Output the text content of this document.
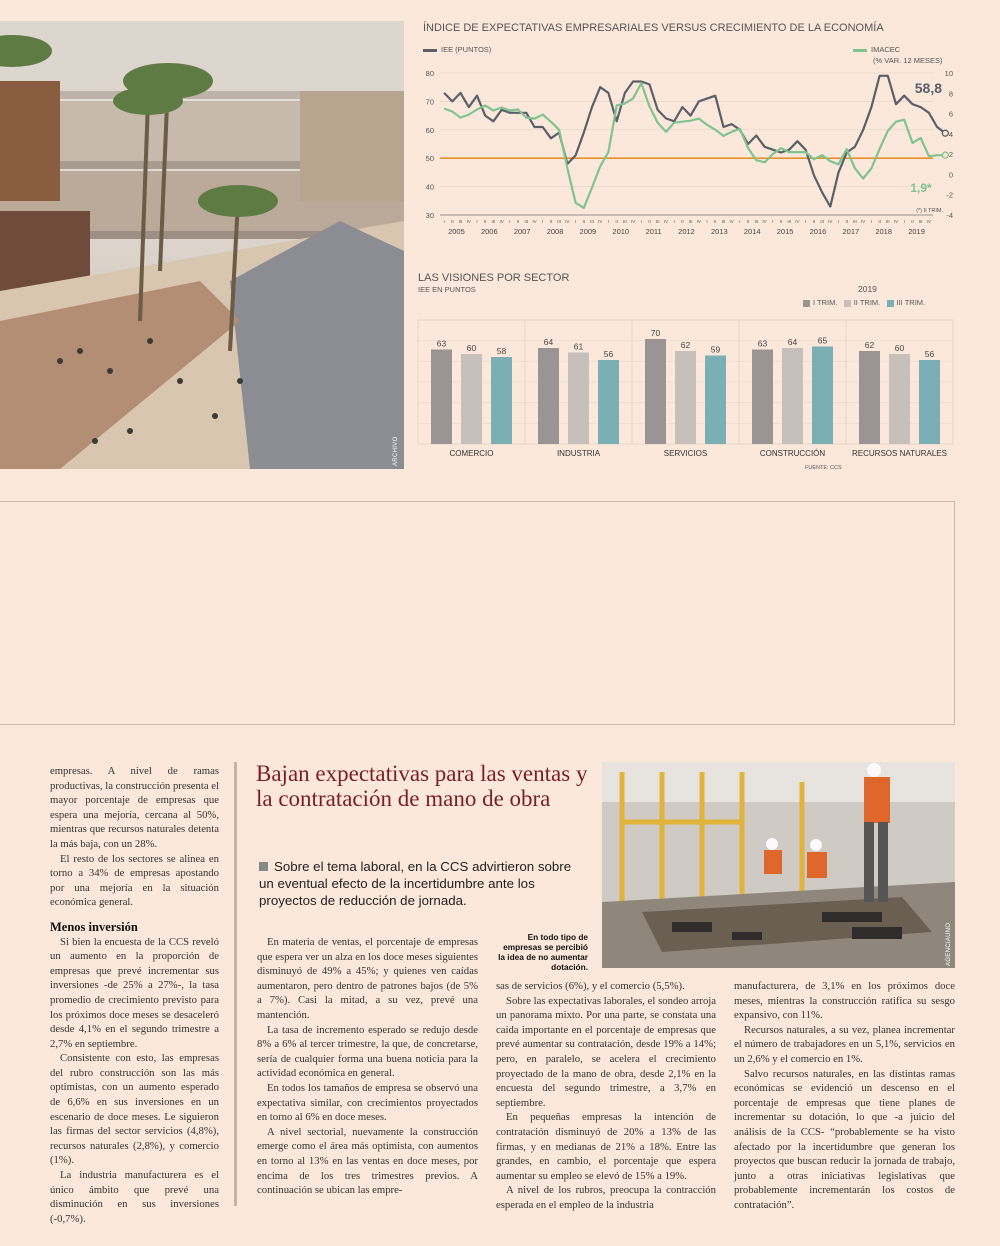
ARCHIVO
ÍNDICE DE EXPECTATIVAS EMPRESARIALES VERSUS CRECIMIENTO DE LA ECONOMÍA
IEE (PUNTOS)	IMACEC
(% VAR. 12 MESES)
30
40
50
60
70
80
-4
-2
0
2
4
6
8
10
I II III IV I II III IV I II III IV I II III IV I II III IV I II III IV I II III IV I II III IV I II III IV I II III IV I II III IV I II III IV I II III IV I II III IV I II III IV
2005 2006 2007 2008 2009 2010 2011 2012 2013 2014 2015 2016 2017 2018 2019
58,8
1,9*
(*) II TRIM.
LAS VISIONES POR SECTOR
IEE EN PUNTOS	2019
I TRIM. II TRIM. III TRIM.
63 60 58
COMERCIO
64 61
56
INDUSTRIA
70
62 59
SERVICIOS
63 64 65
CONSTRUCCIÓN
62 60
56
RECURSOS NATURALES
FUENTE: CCS

empresas. A nivel de ramas productivas, la construcción presenta el mayor porcentaje de empresas que espera una mejoría, cercana al 50%, mientras que recursos naturales detenta la más baja, con un 28%.

El resto de los sectores se alinea en torno a 34% de empresas apostando por una mejoría en la situación económica general.

Menos inversión

Si bien la encuesta de la CCS reveló un aumento en la proporción de empresas que prevé incrementar sus inversiones -de 25% a 27%-, la tasa promedio de crecimiento previsto para los próximos doce meses se desaceleró desde 4,1% en el segundo trimestre a 2,7% en septiembre.

Consistente con esto, las empresas del rubro construcción son las más optimistas, con un aumento esperado de 6,6% en sus inversiones en un escenario de doce meses. Le siguieron las firmas del sector servicios (4,8%), recursos naturales (2,8%), y comercio (1%).

La industria manufacturera es el único ámbito que prevé una disminución en sus inversiones (-0,7%).

Bajan expectativas para las ventas y la contratación de mano de obra
Sobre el tema laboral, en la CCS advirtieron sobre un eventual efecto de la incertidumbre ante los proyectos de reducción de jornada.
AGENCIAUNO
En todo tipo de empresas se percibió la idea de no aumentar dotación.

En materia de ventas, el porcentaje de empresas que espera ver un alza en los doce meses siguientes disminuyó de 49% a 45%; y quienes ven caídas aumentaron, pero dentro de patrones bajos (de 5% a 7%). Casi la mitad, a su vez, prevé una mantención.

La tasa de incremento esperado se redujo desde 8% a 6% al tercer trimestre, la que, de concretarse, sería de cualquier forma una buena noticia para la actividad económica en general.

En todos los tamaños de empresa se observó una expectativa similar, con crecimientos proyectados en torno al 6% en doce meses.

A nivel sectorial, nuevamente la construcción emerge como el área más optimista, con aumentos en torno al 13% en las ventas en doce meses, por encima de los tres trimestres previos. A continuación se ubican las empre-

sas de servicios (6%), y el comercio (5,5%).

Sobre las expectativas laborales, el sondeo arroja un panorama mixto. Por una parte, se constata una caída importante en el porcentaje de empresas que prevé aumentar su contratación, desde 19% a 14%; pero, en paralelo, se acelera el crecimiento proyectado de la mano de obra, desde 2,1% en la encuesta del segundo trimestre, a 3,7% en septiembre.

En pequeñas empresas la intención de contratación disminuyó de 20% a 13% de las firmas, y en medianas de 21% a 18%. Entre las grandes, en cambio, el porcentaje que espera aumentar su empleo se elevó de 15% a 19%.

A nivel de los rubros, preocupa la contracción esperada en el empleo de la industria

manufacturera, de 3,1% en los próximos doce meses, mientras la construcción ratifica su sesgo expansivo, con 11%.

Recursos naturales, a su vez, planea incrementar el número de trabajadores en un 5,1%, servicios en un 2,6% y el comercio en 1%.

Salvo recursos naturales, en las distintas ramas económicas se evidenció un descenso en el porcentaje de empresas que tiene planes de incrementar su dotación, lo que -a juicio del análisis de la CCS- “probablemente se ha visto afectado por la incertidumbre que generan los proyectos que buscan reducir la jornada de trabajo, junto a otras iniciativas legislativas que probablemente incrementarán los costos de contratación”.
